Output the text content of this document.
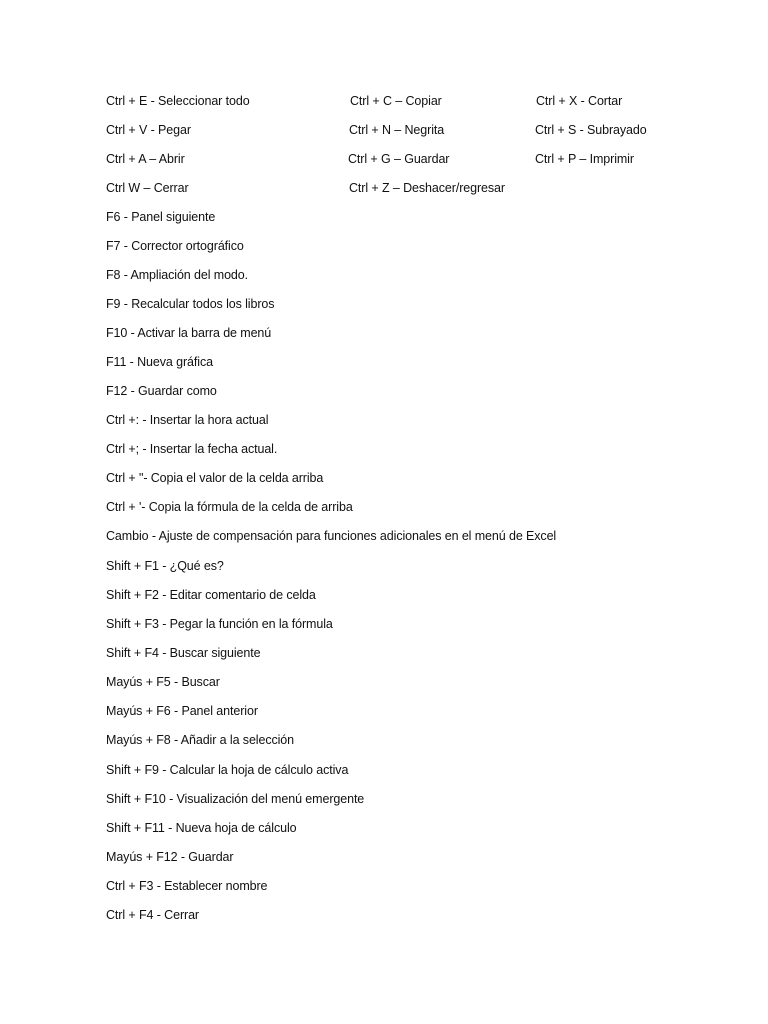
Ctrl + E - Seleccionar todo	Ctrl + C – Copiar	Ctrl + X - Cortar
Ctrl + V - Pegar	Ctrl + N – Negrita	Ctrl + S - Subrayado
Ctrl + A – Abrir	Ctrl + G – Guardar	Ctrl + P – Imprimir
Ctrl W – Cerrar	Ctrl + Z – Deshacer/regresar
F6 - Panel siguiente
F7 - Corrector ortográfico
F8 - Ampliación del modo.
F9 - Recalcular todos los libros
F10 - Activar la barra de menú
F11 - Nueva gráfica
F12 - Guardar como
Ctrl +: - Insertar la hora actual
Ctrl +; - Insertar la fecha actual.
Ctrl + "- Copia el valor de la celda arriba
Ctrl + '- Copia la fórmula de la celda de arriba
Cambio - Ajuste de compensación para funciones adicionales en el menú de Excel
Shift + F1 - ¿Qué es?
Shift + F2 - Editar comentario de celda
Shift + F3 - Pegar la función en la fórmula
Shift + F4 - Buscar siguiente
Mayús + F5 - Buscar
Mayús + F6 - Panel anterior
Mayús + F8 - Añadir a la selección
Shift + F9 - Calcular la hoja de cálculo activa
Shift + F10 - Visualización del menú emergente
Shift + F11 - Nueva hoja de cálculo
Mayús + F12 - Guardar
Ctrl + F3 - Establecer nombre
Ctrl + F4 - Cerrar
